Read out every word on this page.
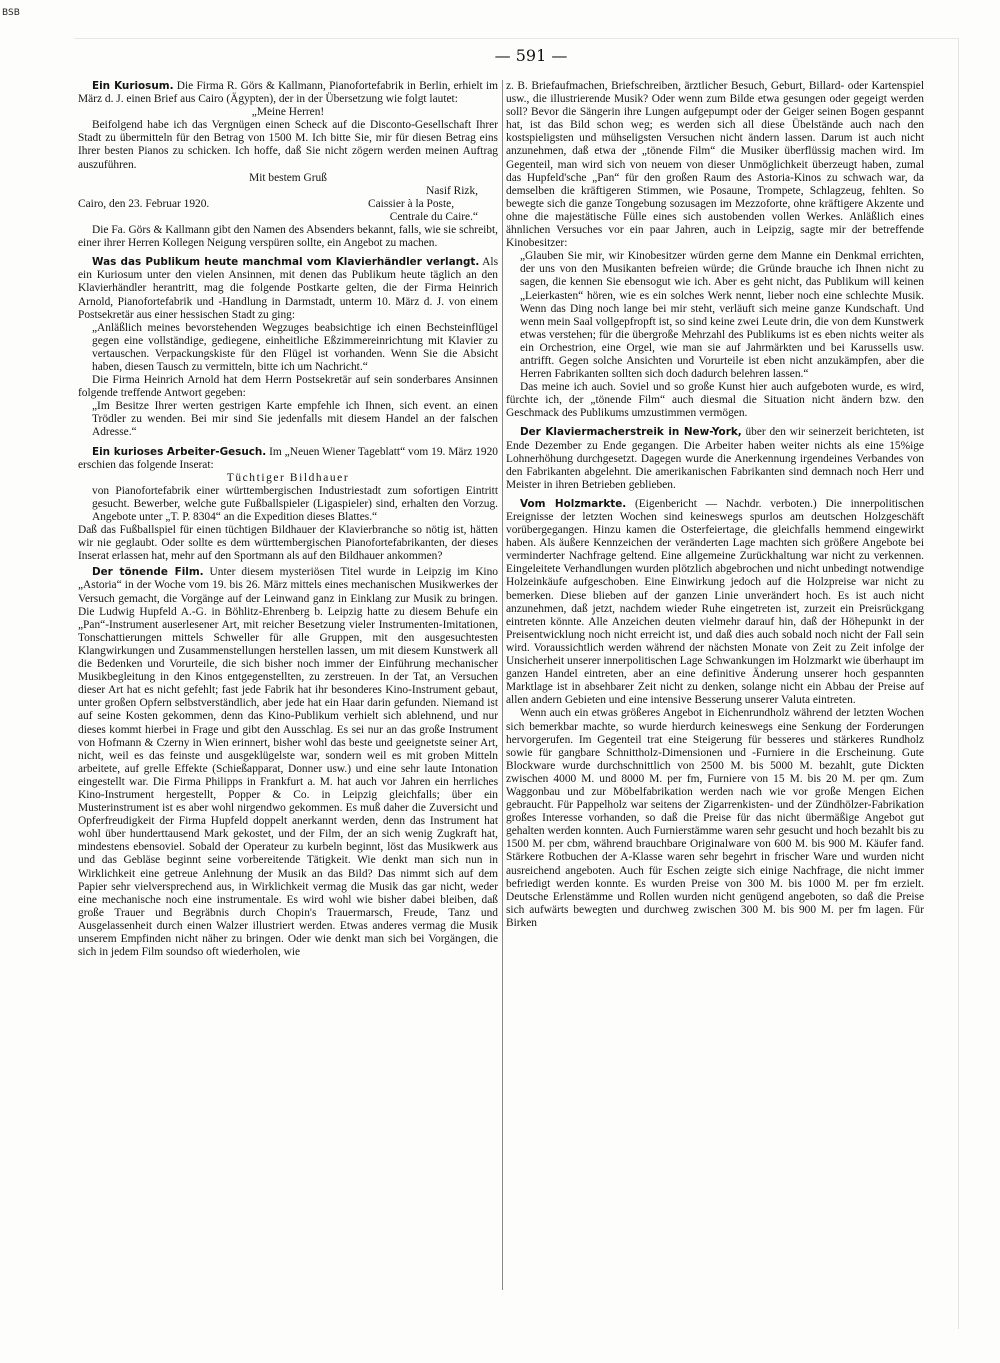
BSB
— 591 —

Ein Kuriosum. Die Firma R. Görs & Kallmann, Pianofortefabrik in Berlin, erhielt im März d. J. einen Brief aus Cairo (Ägypten), der in der Übersetzung wie folgt lautet:

„Meine Herren!

Beifolgend habe ich das Vergnügen einen Scheck auf die Disconto-Gesellschaft Ihrer Stadt zu übermitteln für den Betrag von 1500 M. Ich bitte Sie, mir für diesen Betrag eins Ihrer besten Pianos zu schicken. Ich hoffe, daß Sie nicht zögern werden meinen Auftrag auszuführen.

Mit bestem Gruß

Nasif Rizk,

Cairo, den 23. Februar 1920.	Caissier à la Poste,

Centrale du Caire.“

Die Fa. Görs & Kallmann gibt den Namen des Absenders bekannt, falls, wie sie schreibt, einer ihrer Herren Kollegen Neigung verspüren sollte, ein Angebot zu machen.

Was das Publikum heute manchmal vom Klavierhändler verlangt. Als ein Kuriosum unter den vielen Ansinnen, mit denen das Publikum heute täglich an den Klavierhändler herantritt, mag die folgende Postkarte gelten, die der Firma Heinrich Arnold, Pianofortefabrik und -Handlung in Darmstadt, unterm 10. März d. J. von einem Postsekretär aus einer hessischen Stadt zu ging:

„Anläßlich meines bevorstehenden Wegzuges beabsichtige ich einen Bechsteinflügel gegen eine vollständige, gediegene, einheitliche Eßzimmereinrichtung mit Klavier zu vertauschen. Verpackungskiste für den Flügel ist vorhanden. Wenn Sie die Absicht haben, diesen Tausch zu vermitteln, bitte ich um Nachricht.“

Die Firma Heinrich Arnold hat dem Herrn Postsekretär auf sein sonderbares Ansinnen folgende treffende Antwort gegeben:

„Im Besitze Ihrer werten gestrigen Karte empfehle ich Ihnen, sich event. an einen Trödler zu wenden. Bei mir sind Sie jedenfalls mit diesem Handel an der falschen Adresse.“

Ein kurioses Arbeiter-Gesuch. Im „Neuen Wiener Tageblatt“ vom 19. März 1920 erschien das folgende Inserat:

Tüchtiger Bildhauer

von Pianofortefabrik einer württembergischen Industriestadt zum sofortigen Eintritt gesucht. Bewerber, welche gute Fußballspieler (Ligaspieler) sind, erhalten den Vorzug. Angebote unter „T. P. 8304“ an die Expedition dieses Blattes.“

Daß das Fußballspiel für einen tüchtigen Bildhauer der Klavierbranche so nötig ist, hätten wir nie geglaubt. Oder sollte es dem württembergischen Pianofortefabrikanten, der dieses Inserat erlassen hat, mehr auf den Sportmann als auf den Bildhauer ankommen?

Der tönende Film. Unter diesem mysteriösen Titel wurde in Leipzig im Kino „Astoria“ in der Woche vom 19. bis 26. März mittels eines mechanischen Musikwerkes der Versuch gemacht, die Vorgänge auf der Leinwand ganz in Einklang zur Musik zu bringen. Die Ludwig Hupfeld A.-G. in Böhlitz-Ehrenberg b. Leipzig hatte zu diesem Behufe ein „Pan“-Instrument auserlesener Art, mit reicher Besetzung vieler Instrumenten-Imitationen, Tonschattierungen mittels Schweller für alle Gruppen, mit den ausgesuchtesten Klangwirkungen und Zusammenstellungen herstellen lassen, um mit diesem Kunstwerk all die Bedenken und Vorurteile, die sich bisher noch immer der Einführung mechanischer Musikbegleitung in den Kinos entgegenstellten, zu zerstreuen. In der Tat, an Versuchen dieser Art hat es nicht gefehlt; fast jede Fabrik hat ihr besonderes Kino-Instrument gebaut, unter großen Opfern selbstverständlich, aber jede hat ein Haar darin gefunden. Niemand ist auf seine Kosten gekommen, denn das Kino-Publikum verhielt sich ablehnend, und nur dieses kommt hierbei in Frage und gibt den Ausschlag. Es sei nur an das große Instrument von Hofmann & Czerny in Wien erinnert, bisher wohl das beste und geeignetste seiner Art, nicht, weil es das feinste und ausgeklügelste war, sondern weil es mit groben Mitteln arbeitete, auf grelle Effekte (Schießapparat, Donner usw.) und eine sehr laute Intonation eingestellt war. Die Firma Philipps in Frankfurt a. M. hat auch vor Jahren ein herrliches Kino-Instrument hergestellt, Popper & Co. in Leipzig gleichfalls; über ein Musterinstrument ist es aber wohl nirgendwo gekommen. Es muß daher die Zuversicht und Opferfreudigkeit der Firma Hupfeld doppelt anerkannt werden, denn das Instrument hat wohl über hunderttausend Mark gekostet, und der Film, der an sich wenig Zugkraft hat, mindestens ebensoviel. Sobald der Operateur zu kurbeln beginnt, löst das Musikwerk aus und das Gebläse beginnt seine vorbereitende Tätigkeit. Wie denkt man sich nun in Wirklichkeit eine getreue Anlehnung der Musik an das Bild? Das nimmt sich auf dem Papier sehr vielversprechend aus, in Wirklichkeit vermag die Musik das gar nicht, weder eine mechanische noch eine instrumentale. Es wird wohl wie bisher dabei bleiben, daß große Trauer und Begräbnis durch Chopin's Trauermarsch, Freude, Tanz und Ausgelassenheit durch einen Walzer illustriert werden. Etwas anderes vermag die Musik unserem Empfinden nicht näher zu bringen. Oder wie denkt man sich bei Vorgängen, die sich in jedem Film soundso oft wiederholen, wie

z. B. Briefaufmachen, Briefschreiben, ärztlicher Besuch, Geburt, Billard- oder Kartenspiel usw., die illustrierende Musik? Oder wenn zum Bilde etwa gesungen oder gegeigt werden soll? Bevor die Sängerin ihre Lungen aufgepumpt oder der Geiger seinen Bogen gespannt hat, ist das Bild schon weg; es werden sich all diese Übelstände auch nach den kostspieligsten und mühseligsten Versuchen nicht ändern lassen. Darum ist auch nicht anzunehmen, daß etwa der „tönende Film“ die Musiker überflüssig machen wird. Im Gegenteil, man wird sich von neuem von dieser Unmöglichkeit überzeugt haben, zumal das Hupfeld'sche „Pan“ für den großen Raum des Astoria-Kinos zu schwach war, da demselben die kräftigeren Stimmen, wie Posaune, Trompete, Schlagzeug, fehlten. So bewegte sich die ganze Tongebung sozusagen im Mezzoforte, ohne kräftigere Akzente und ohne die majestätische Fülle eines sich austobenden vollen Werkes. Anläßlich eines ähnlichen Versuches vor ein paar Jahren, auch in Leipzig, sagte mir der betreffende Kinobesitzer:

„Glauben Sie mir, wir Kinobesitzer würden gerne dem Manne ein Denkmal errichten, der uns von den Musikanten befreien würde; die Gründe brauche ich Ihnen nicht zu sagen, die kennen Sie ebensogut wie ich. Aber es geht nicht, das Publikum will keinen „Leierkasten“ hören, wie es ein solches Werk nennt, lieber noch eine schlechte Musik. Wenn das Ding noch lange bei mir steht, verläuft sich meine ganze Kundschaft. Und wenn mein Saal vollgepfropft ist, so sind keine zwei Leute drin, die von dem Kunstwerk etwas verstehen; für die übergroße Mehrzahl des Publikums ist es eben nichts weiter als ein Orchestrion, eine Orgel, wie man sie auf Jahrmärkten und bei Karussells usw. antrifft. Gegen solche Ansichten und Vorurteile ist eben nicht anzukämpfen, aber die Herren Fabrikanten sollten sich doch dadurch belehren lassen.“

Das meine ich auch. Soviel und so große Kunst hier auch aufgeboten wurde, es wird, fürchte ich, der „tönende Film“ auch diesmal die Situation nicht ändern bzw. den Geschmack des Publikums umzustimmen vermögen.

Der Klaviermacherstreik in New-York, über den wir seinerzeit berichteten, ist Ende Dezember zu Ende gegangen. Die Arbeiter haben weiter nichts als eine 15%ige Lohnerhöhung durchgesetzt. Dagegen wurde die Anerkennung irgendeines Verbandes von den Fabrikanten abgelehnt. Die amerikanischen Fabrikanten sind demnach noch Herr und Meister in ihren Betrieben geblieben.

Vom Holzmarkte. (Eigenbericht — Nachdr. verboten.) Die innerpolitischen Ereignisse der letzten Wochen sind keineswegs spurlos am deutschen Holzgeschäft vorübergegangen. Hinzu kamen die Osterfeiertage, die gleichfalls hemmend eingewirkt haben. Als äußere Kennzeichen der veränderten Lage machten sich größere Angebote bei verminderter Nachfrage geltend. Eine allgemeine Zurückhaltung war nicht zu verkennen. Eingeleitete Verhandlungen wurden plötzlich abgebrochen und nicht unbedingt notwendige Holzeinkäufe aufgeschoben. Eine Einwirkung jedoch auf die Holzpreise war nicht zu bemerken. Diese blieben auf der ganzen Linie unverändert hoch. Es ist auch nicht anzunehmen, daß jetzt, nachdem wieder Ruhe eingetreten ist, zurzeit ein Preisrückgang eintreten könnte. Alle Anzeichen deuten vielmehr darauf hin, daß der Höhepunkt in der Preisentwicklung noch nicht erreicht ist, und daß dies auch sobald noch nicht der Fall sein wird. Voraussichtlich werden während der nächsten Monate von Zeit zu Zeit infolge der Unsicherheit unserer innerpolitischen Lage Schwankungen im Holzmarkt wie überhaupt im ganzen Handel eintreten, aber an eine definitive Änderung unserer hoch gespannten Marktlage ist in absehbarer Zeit nicht zu denken, solange nicht ein Abbau der Preise auf allen andern Gebieten und eine intensive Besserung unserer Valuta eintreten.

Wenn auch ein etwas größeres Angebot in Eichenrundholz während der letzten Wochen sich bemerkbar machte, so wurde hierdurch keineswegs eine Senkung der Forderungen hervorgerufen. Im Gegenteil trat eine Steigerung für besseres und stärkeres Rundholz sowie für gangbare Schnittholz-Dimensionen und -Furniere in die Erscheinung. Gute Blockware wurde durchschnittlich von 2500 M. bis 5000 M. bezahlt, gute Dickten zwischen 4000 M. und 8000 M. per fm, Furniere von 15 M. bis 20 M. per qm. Zum Waggonbau und zur Möbelfabrikation werden nach wie vor große Mengen Eichen gebraucht. Für Pappelholz war seitens der Zigarrenkisten- und der Zündhölzer-Fabrikation großes Interesse vorhanden, so daß die Preise für das nicht übermäßige Angebot gut gehalten werden konnten. Auch Furnierstämme waren sehr gesucht und hoch bezahlt bis zu 1500 M. per cbm, während brauchbare Originalware von 600 M. bis 900 M. Käufer fand. Stärkere Rotbuchen der A-Klasse waren sehr begehrt in frischer Ware und wurden nicht ausreichend angeboten. Auch für Eschen zeigte sich einige Nachfrage, die nicht immer befriedigt werden konnte. Es wurden Preise von 300 M. bis 1000 M. per fm erzielt. Deutsche Erlenstämme und Rollen wurden nicht genügend angeboten, so daß die Preise sich aufwärts bewegten und durchweg zwischen 300 M. bis 900 M. per fm lagen. Für Birken
